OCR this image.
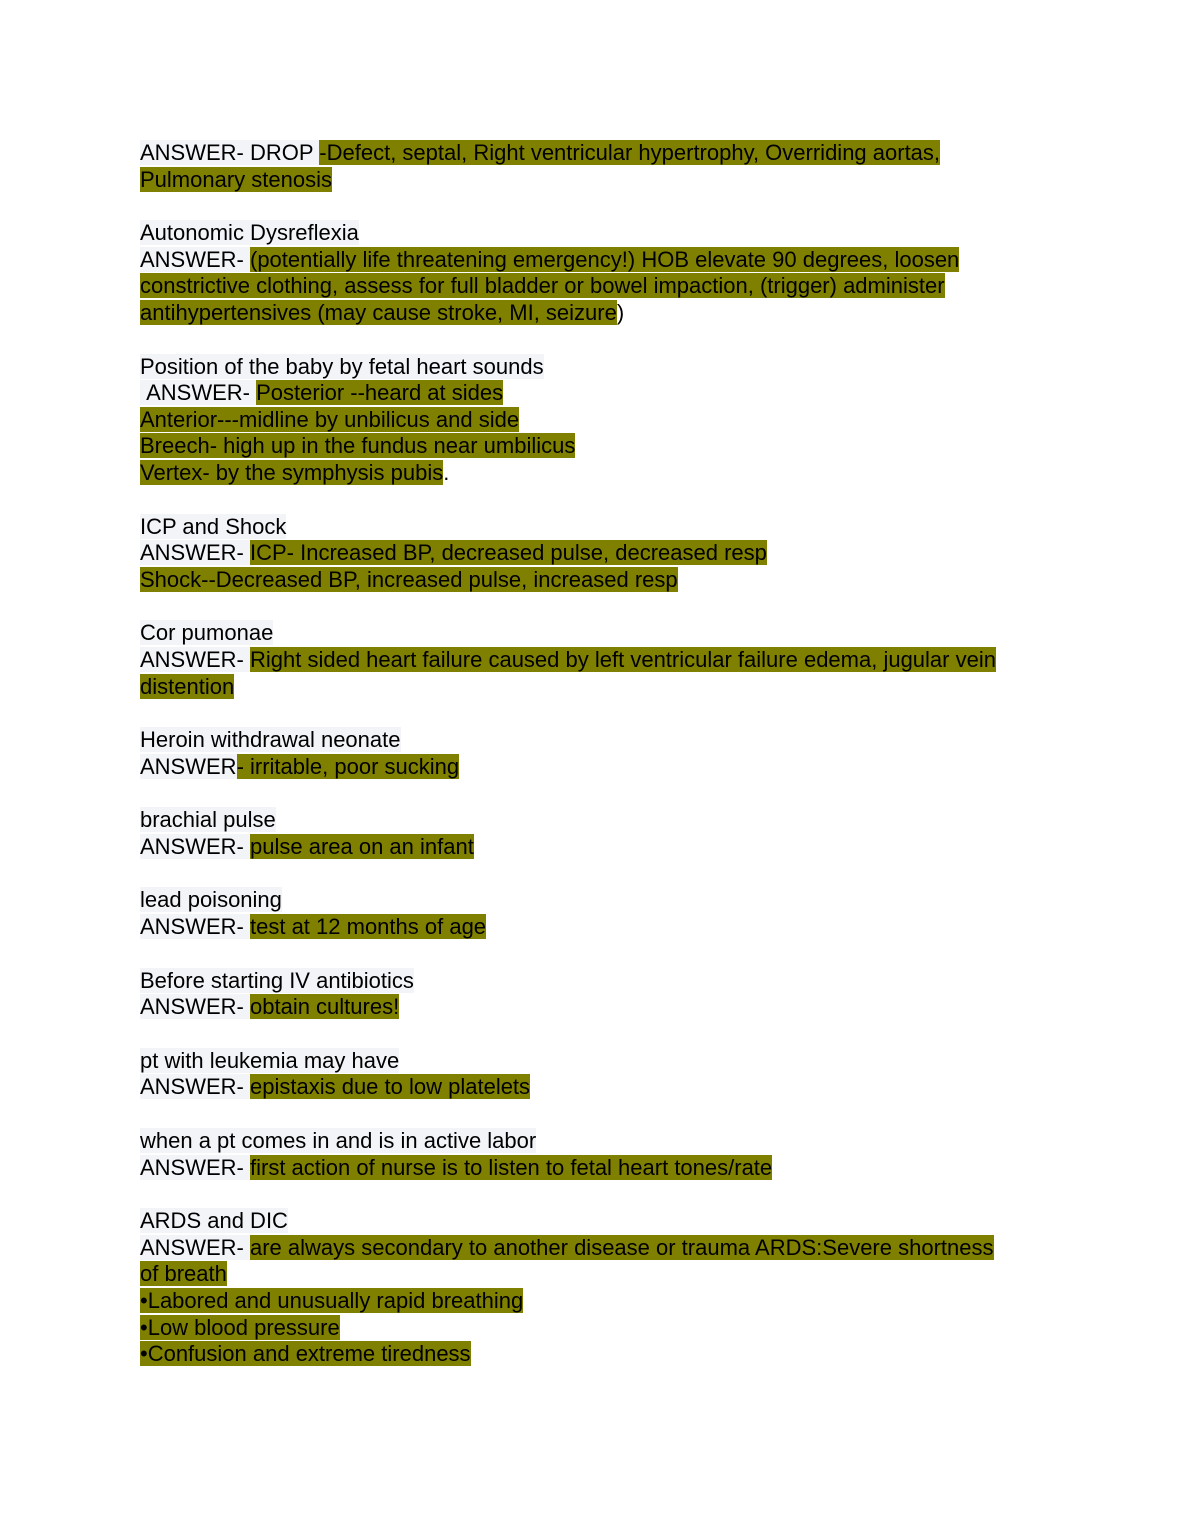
ANSWER- DROP -Defect, septal, Right ventricular hypertrophy, Overriding aortas,
Pulmonary stenosis
Autonomic Dysreflexia
ANSWER- (potentially life threatening emergency!) HOB elevate 90 degrees, loosen
constrictive clothing, assess for full bladder or bowel impaction, (trigger) administer
antihypertensives (may cause stroke, MI, seizure)
Position of the baby by fetal heart sounds
ANSWER- Posterior --heard at sides
Anterior---midline by unbilicus and side
Breech- high up in the fundus near umbilicus
Vertex- by the symphysis pubis.
ICP and Shock
ANSWER- ICP- Increased BP, decreased pulse, decreased resp
Shock--Decreased BP, increased pulse, increased resp
Cor pumonae
ANSWER- Right sided heart failure caused by left ventricular failure edema, jugular vein
distention
Heroin withdrawal neonate
ANSWER- irritable, poor sucking
brachial pulse
ANSWER- pulse area on an infant
lead poisoning
ANSWER- test at 12 months of age
Before starting IV antibiotics
ANSWER- obtain cultures!
pt with leukemia may have
ANSWER- epistaxis due to low platelets
when a pt comes in and is in active labor
ANSWER- first action of nurse is to listen to fetal heart tones/rate
ARDS and DIC
ANSWER- are always secondary to another disease or trauma ARDS:Severe shortness
of breath
•Labored and unusually rapid breathing
•Low blood pressure
•Confusion and extreme tiredness
